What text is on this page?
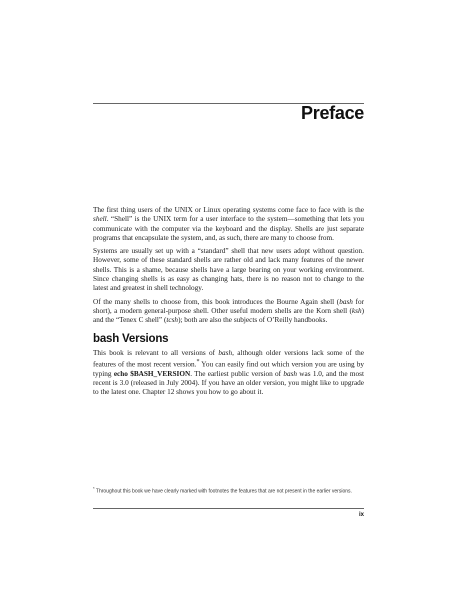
Preface

The first thing users of the UNIX or Linux operating systems come face to face with is the shell. “Shell” is the UNIX term for a user interface to the system—something that lets you communicate with the computer via the keyboard and the display. Shells are just separate programs that encapsulate the system, and, as such, there are many to choose from.

Systems are usually set up with a “standard” shell that new users adopt without question. However, some of these standard shells are rather old and lack many features of the newer shells. This is a shame, because shells have a large bearing on your working environment. Since changing shells is as easy as changing hats, there is no reason not to change to the latest and greatest in shell technology.

Of the many shells to choose from, this book introduces the Bourne Again shell (bash for short), a modern general-purpose shell. Other useful modern shells are the Korn shell (ksh) and the “Tenex C shell” (tcsh); both are also the subjects of O’Reilly handbooks.

bash Versions

This book is relevant to all versions of bash, although older versions lack some of the features of the most recent version.* You can easily find out which version you are using by typing echo $BASH_VERSION. The earliest public version of bash was 1.0, and the most recent is 3.0 (released in July 2004). If you have an older version, you might like to upgrade to the latest one. Chapter 12 shows you how to go about it.

* Throughout this book we have clearly marked with footnotes the features that are not present in the earlier versions.
ix
